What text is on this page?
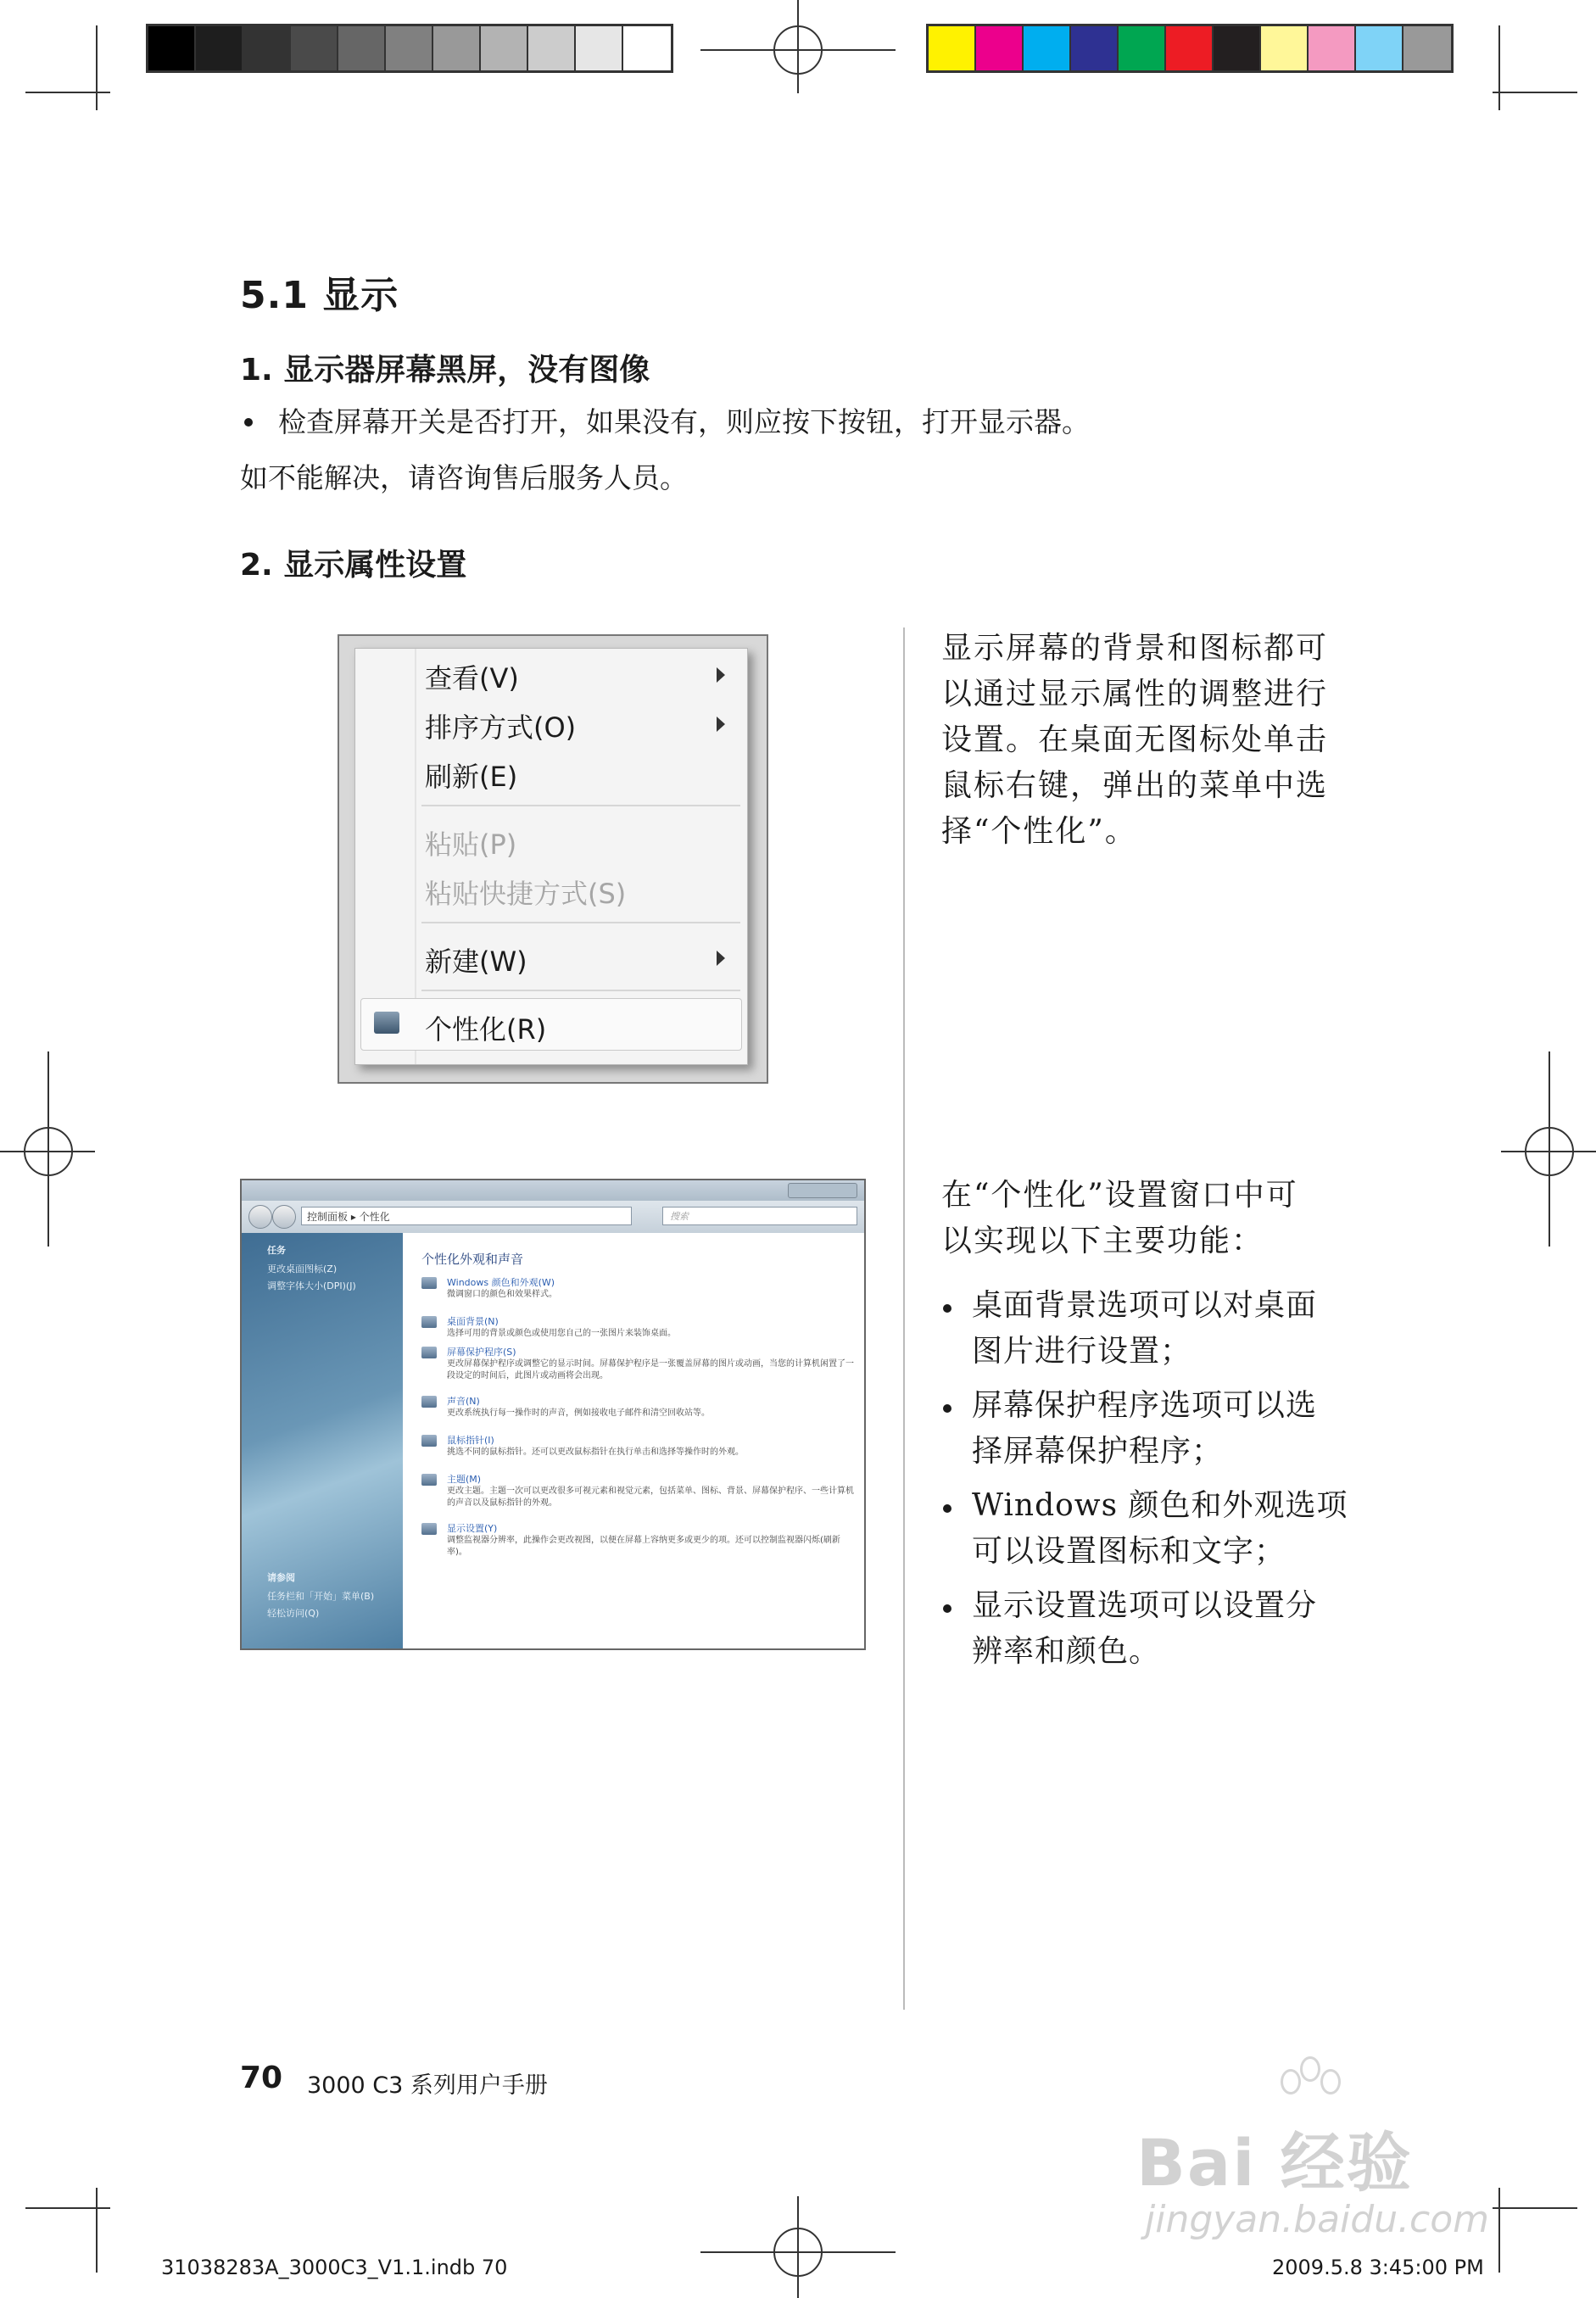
5.1 显示
1. 显示器屏幕黑屏，没有图像
检查屏幕开关是否打开，如果没有，则应按下按钮，打开显示器。
如不能解决，请咨询售后服务人员。
2. 显示属性设置
查看(V)
排序方式(O)
刷新(E)
粘贴(P)
粘贴快捷方式(S)
新建(W)
个性化(R)
显示屏幕的背景和图标都可
以通过显示属性的调整进行
设置。在桌面无图标处单击
鼠标右键，弹出的菜单中选
择“个性化”。
在“个性化”设置窗口中可
以实现以下主要功能：
桌面背景选项可以对桌面
图片进行设置；
屏幕保护程序选项可以选
择屏幕保护程序；
Windows 颜色和外观选项
可以设置图标和文字；
显示设置选项可以设置分
辨率和颜色。
控制面板 ▸ 个性化	搜索
任务
更改桌面图标(Z)
调整字体大小(DPI)(J)
请参阅
任务栏和「开始」菜单(B)
轻松访问(Q)
个性化外观和声音
Windows 颜色和外观(W)
微调窗口的颜色和效果样式。
桌面背景(N)
选择可用的背景或颜色或使用您自己的一张图片来装饰桌面。
屏幕保护程序(S)
更改屏幕保护程序或调整它的显示时间。屏幕保护程序是一张覆盖屏幕的图片或动画，当您的计算机闲置了一段设定的时间后，此图片或动画将会出现。
声音(N)
更改系统执行每一操作时的声音，例如接收电子邮件和清空回收站等。
鼠标指针(I)
挑选不同的鼠标指针。还可以更改鼠标指针在执行单击和选择等操作时的外观。
主题(M)
更改主题。主题一次可以更改很多可视元素和视觉元素，包括菜单、图标、背景、屏幕保护程序、一些计算机的声音以及鼠标指针的外观。
显示设置(Y)
调整监视器分辨率，此操作会更改视图，以便在屏幕上容纳更多或更少的项。还可以控制监视器闪烁(刷新率)。
70 3000 C3 系列用户手册
31038283A_3000C3_V1.1.indb 70	2009.5.8 3:45:00 PM
Bai 经验
jingyan.baidu.com
